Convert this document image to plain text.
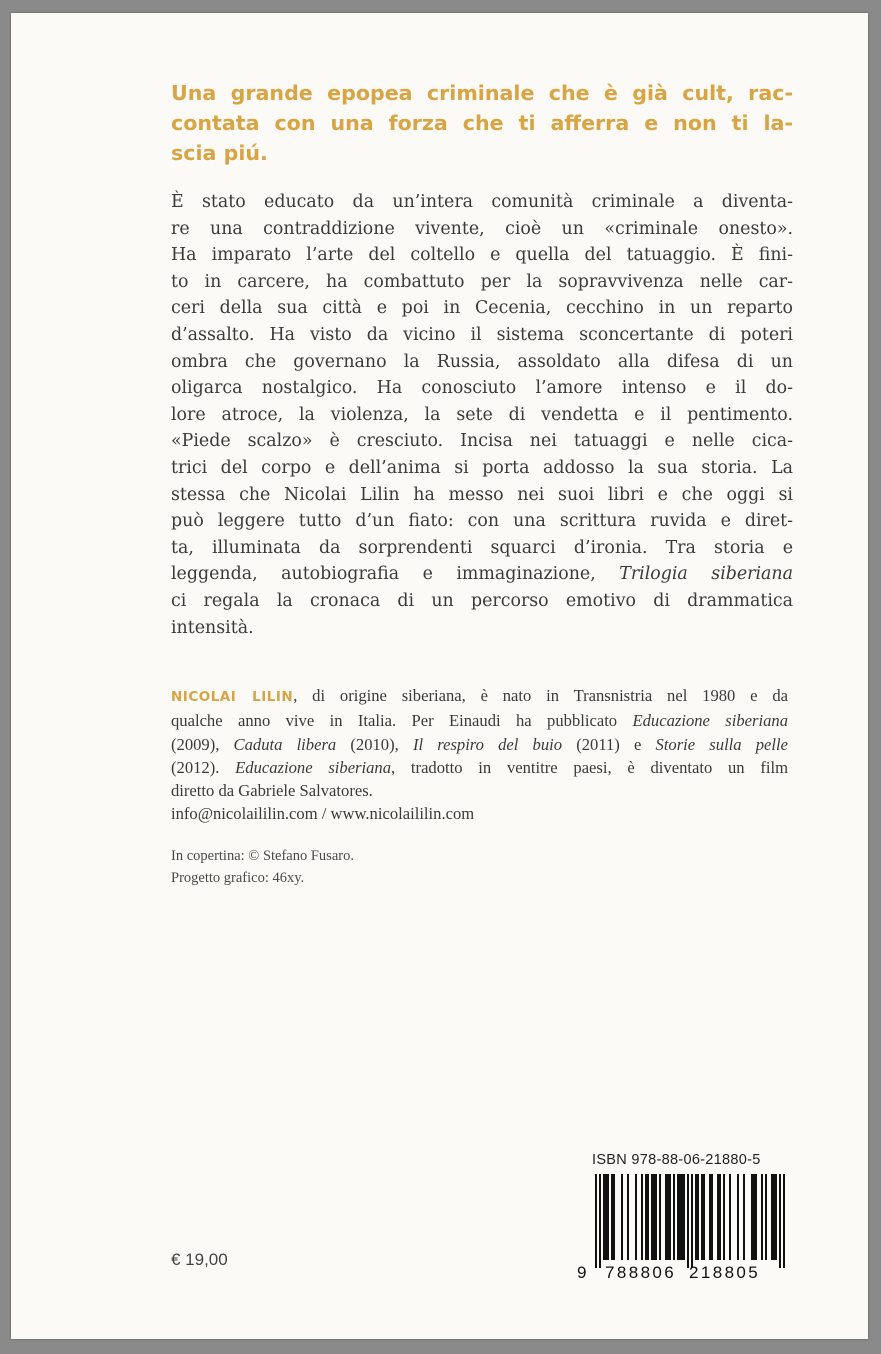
Una grande epopea criminale che è già cult, rac-
contata con una forza che ti afferra e non ti la-
scia piú.

È stato educato da un’intera comunità criminale a diventa-
re una contraddizione vivente, cioè un «criminale onesto».
Ha imparato l’arte del coltello e quella del tatuaggio. È fini-
to in carcere, ha combattuto per la sopravvivenza nelle car-
ceri della sua città e poi in Cecenia, cecchino in un reparto
d’assalto. Ha visto da vicino il sistema sconcertante di poteri
ombra che governano la Russia, assoldato alla difesa di un
oligarca nostalgico. Ha conosciuto l’amore intenso e il do-
lore atroce, la violenza, la sete di vendetta e il pentimento.
«Piede scalzo» è cresciuto. Incisa nei tatuaggi e nelle cica-
trici del corpo e dell’anima si porta addosso la sua storia. La
stessa che Nicolai Lilin ha messo nei suoi libri e che oggi si
può leggere tutto d’un fiato: con una scrittura ruvida e diret-
ta, illuminata da sorprendenti squarci d’ironia. Tra storia e
leggenda, autobiografia e immaginazione, Trilogia siberiana
ci regala la cronaca di un percorso emotivo di drammatica
intensità.

NICOLAI LILIN, di origine siberiana, è nato in Transnistria nel 1980 e da
qualche anno vive in Italia. Per Einaudi ha pubblicato Educazione siberiana
(2009), Caduta libera (2010), Il respiro del buio (2011) e Storie sulla pelle
(2012). Educazione siberiana, tradotto in ventitre paesi, è diventato un film
diretto da Gabriele Salvatores.
info@nicolaililin.com / www.nicolaililin.com

In copertina: © Stefano Fusaro.
Progetto grafico: 46xy.
€ 19,00
ISBN 978-88-06-21880-5
9 788806 218805
